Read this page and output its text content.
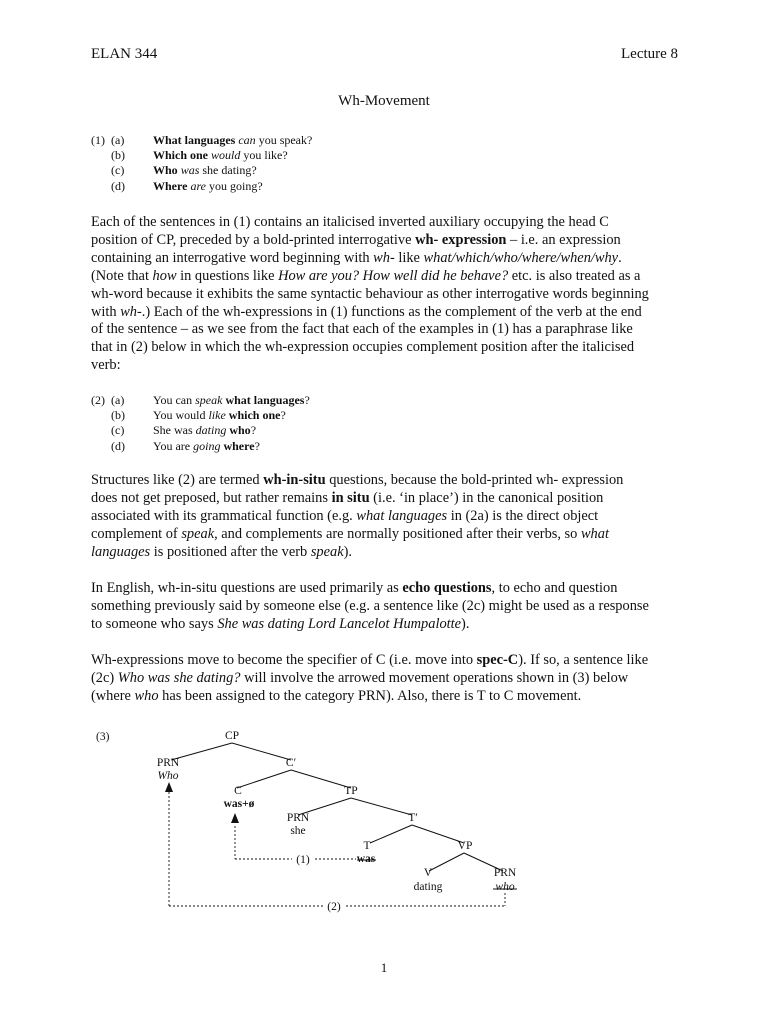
ELAN 344	Lecture 8
Wh-Movement
(1) (a)	What languages can you speak?
(b)	Which one would you like?
(c)	Who was she dating?
(d)	Where are you going?

Each of the sentences in (1) contains an italicised inverted auxiliary occupying the head C
position of CP, preceded by a bold-printed interrogative wh- expression – i.e. an expression
containing an interrogative word beginning with wh- like what/which/who/where/when/why.
(Note that how in questions like How are you? How well did he behave? etc. is also treated as a
wh-word because it exhibits the same syntactic behaviour as other interrogative words beginning
with wh-.) Each of the wh-expressions in (1) functions as the complement of the verb at the end
of the sentence – as we see from the fact that each of the examples in (1) has a paraphrase like
that in (2) below in which the wh-expression occupies complement position after the italicised
verb:

(2) (a)	You can speak what languages?
(b)	You would like which one?
(c)	She was dating who?
(d)	You are going where?

Structures like (2) are termed wh-in-situ questions, because the bold-printed wh- expression
does not get preposed, but rather remains in situ (i.e. ‘in place’) in the canonical position
associated with its grammatical function (e.g. what languages in (2a) is the direct object
complement of speak, and complements are normally positioned after their verbs, so what
languages is positioned after the verb speak).

In English, wh-in-situ questions are used primarily as echo questions, to echo and question
something previously said by someone else (e.g. a sentence like (2c) might be used as a response
to someone who says She was dating Lord Lancelot Humpalotte).

Wh-expressions move to become the specifier of C (i.e. move into spec-C). If so, a sentence like
(2c) Who was she dating? will involve the arrowed movement operations shown in (3) below
(where who has been assigned to the category PRN). Also, there is T to C movement.

(3)	CP
PRN
Who
C′
C
was+ø
TP
PRN
she
T′
T
was
VP
V
dating
PRN
who
(1)
(2)
1
